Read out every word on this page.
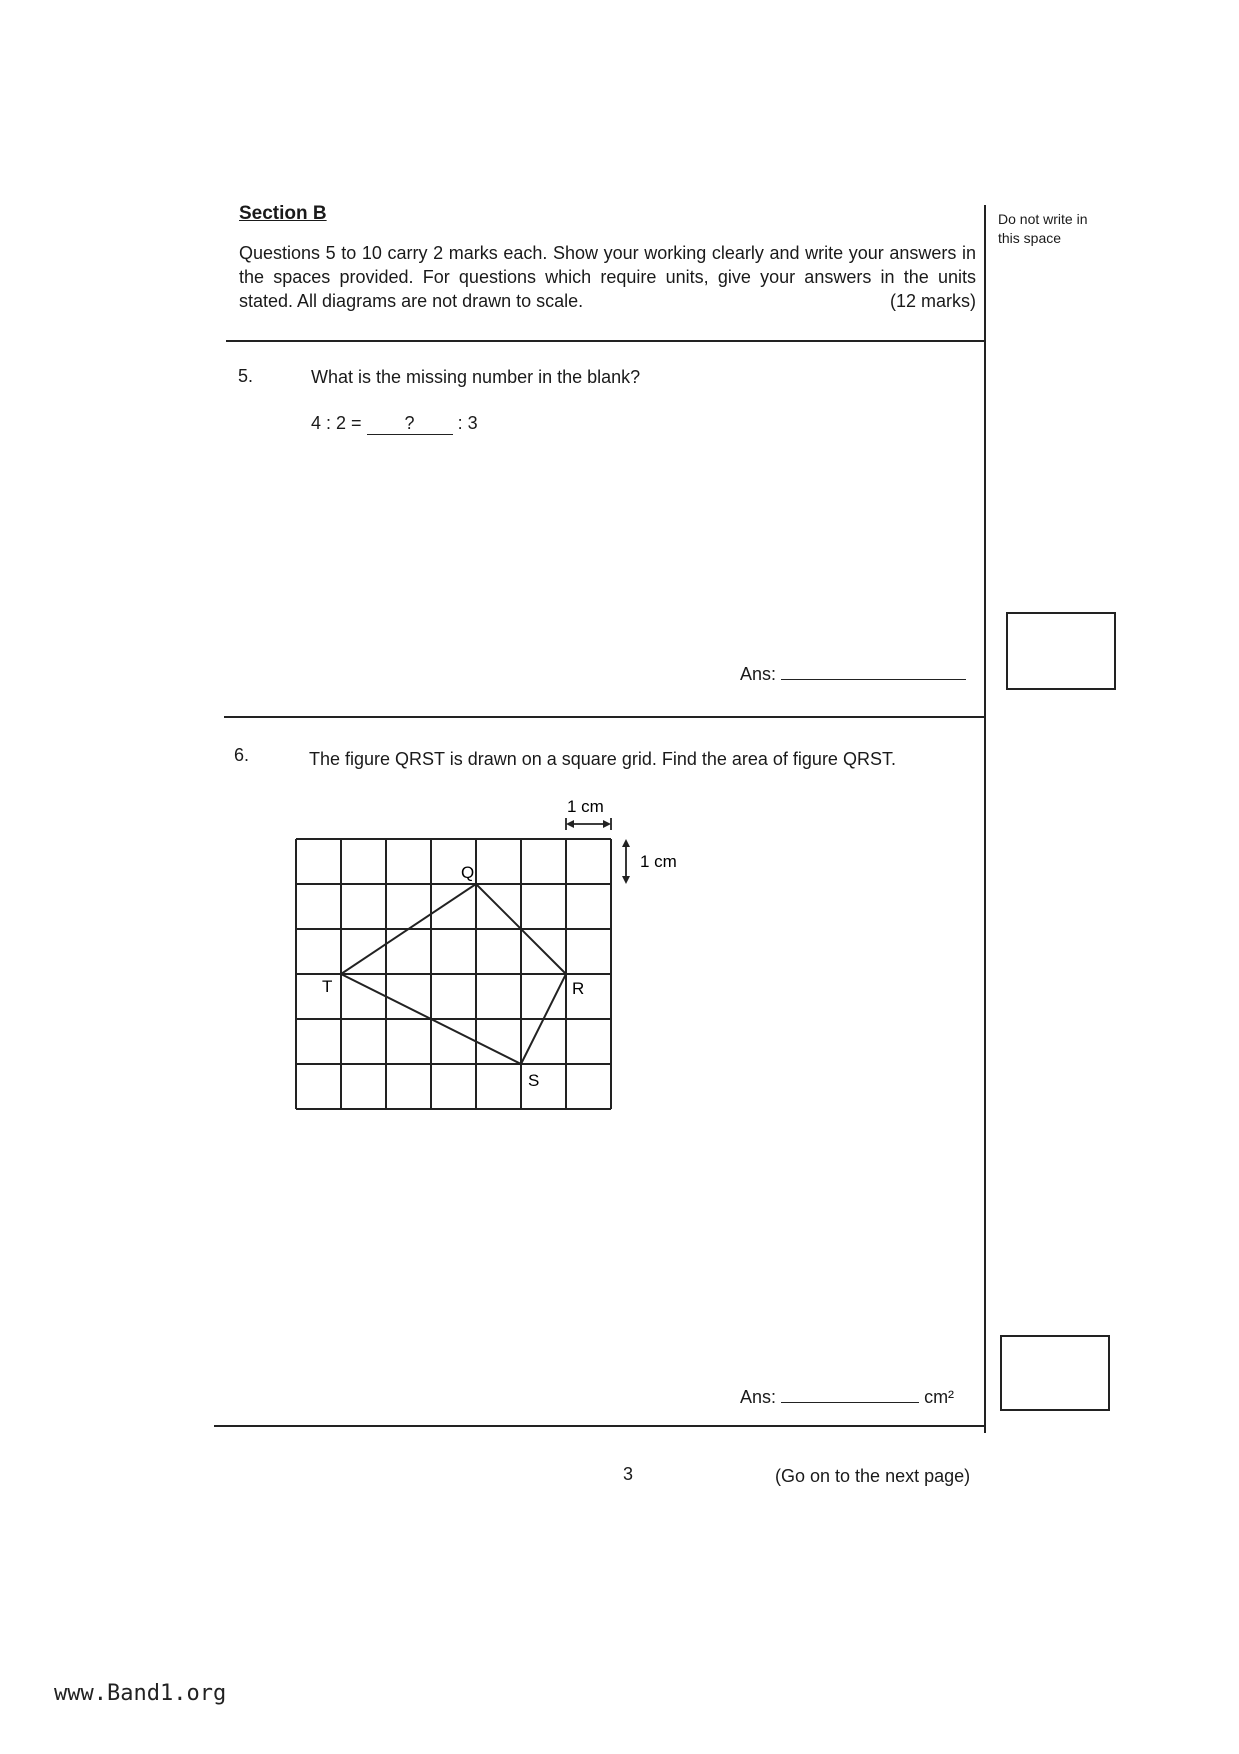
Section B
Questions 5 to 10 carry 2 marks each. Show your working clearly and write your answers in the spaces provided. For questions which require units, give your answers in the units stated. All diagrams are not drawn to scale.	(12 marks)
Do not write in this space
5.	What is the missing number in the blank?
4 : 2 = ? : 3
Ans:
6.	The figure QRST is drawn on a square grid. Find the area of figure QRST.
Q
R
S
T
1 cm
1 cm
Ans:	cm²
3	(Go on to the next page)
www.Band1.org
